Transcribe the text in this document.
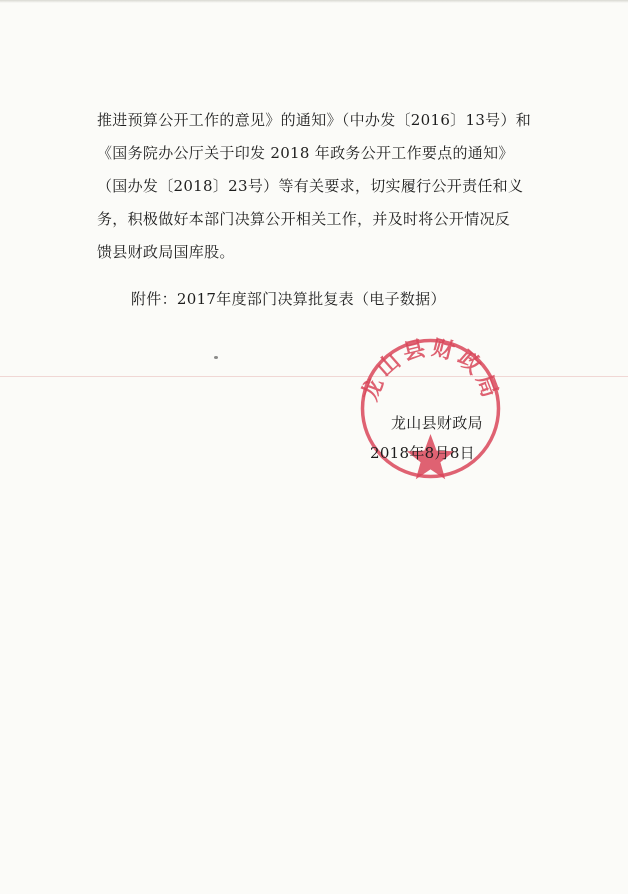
推进预算公开工作的意见》的通知》（中办发〔2016〕13号）和
《国务院办公厅关于印发 2018 年政务公开工作要点的通知》
（国办发〔2018〕23号）等有关要求，切实履行公开责任和义
务，积极做好本部门决算公开相关工作，并及时将公开情况反
馈县财政局国库股。
附件：2017年度部门决算批复表（电子数据）
龙山县财政局
龙山县财政局
2018年8月8日
